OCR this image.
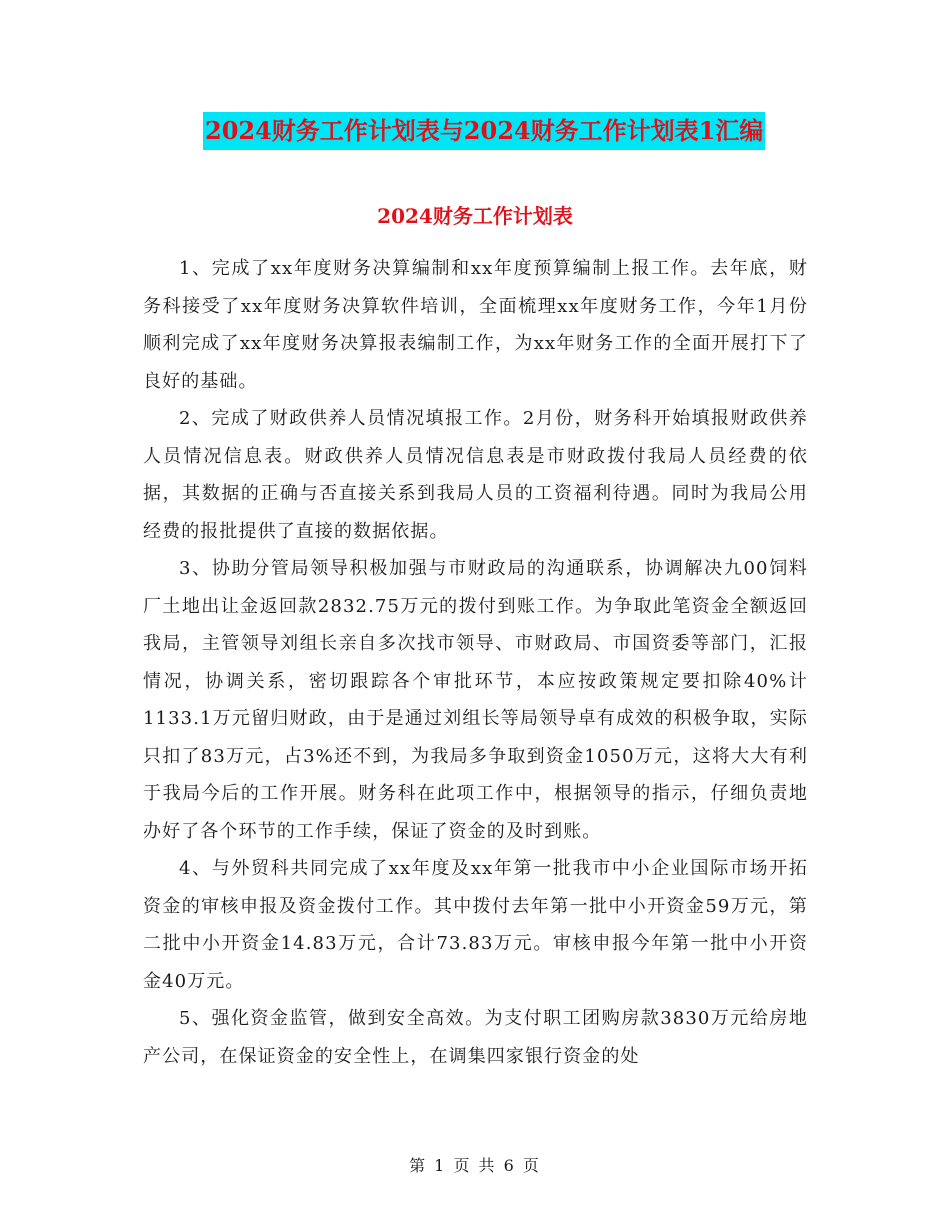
2024财务工作计划表与2024财务工作计划表1汇编
2024财务工作计划表

1、完成了xx年度财务决算编制和xx年度预算编制上报工作。去年底，财务科接受了xx年度财务决算软件培训，全面梳理xx年度财务工作，今年1月份顺利完成了xx年度财务决算报表编制工作，为xx年财务工作的全面开展打下了良好的基础。

2、完成了财政供养人员情况填报工作。2月份，财务科开始填报财政供养人员情况信息表。财政供养人员情况信息表是市财政拨付我局人员经费的依据，其数据的正确与否直接关系到我局人员的工资福利待遇。同时为我局公用经费的报批提供了直接的数据依据。

3、协助分管局领导积极加强与市财政局的沟通联系，协调解决九00饲料厂土地出让金返回款2832.75万元的拨付到账工作。为争取此笔资金全额返回我局，主管领导刘组长亲自多次找市领导、市财政局、市国资委等部门，汇报情况，协调关系，密切跟踪各个审批环节，本应按政策规定要扣除40%计1133.1万元留归财政，由于是通过刘组长等局领导卓有成效的积极争取，实际只扣了83万元，占3%还不到，为我局多争取到资金1050万元，这将大大有利于我局今后的工作开展。财务科在此项工作中，根据领导的指示，仔细负责地办好了各个环节的工作手续，保证了资金的及时到账。

4、与外贸科共同完成了xx年度及xx年第一批我市中小企业国际市场开拓资金的审核申报及资金拨付工作。其中拨付去年第一批中小开资金59万元，第二批中小开资金14.83万元，合计73.83万元。审核申报今年第一批中小开资金40万元。

5、强化资金监管，做到安全高效。为支付职工团购房款3830万元给房地产公司，在保证资金的安全性上，在调集四家银行资金的处

第 1 页 共 6 页
